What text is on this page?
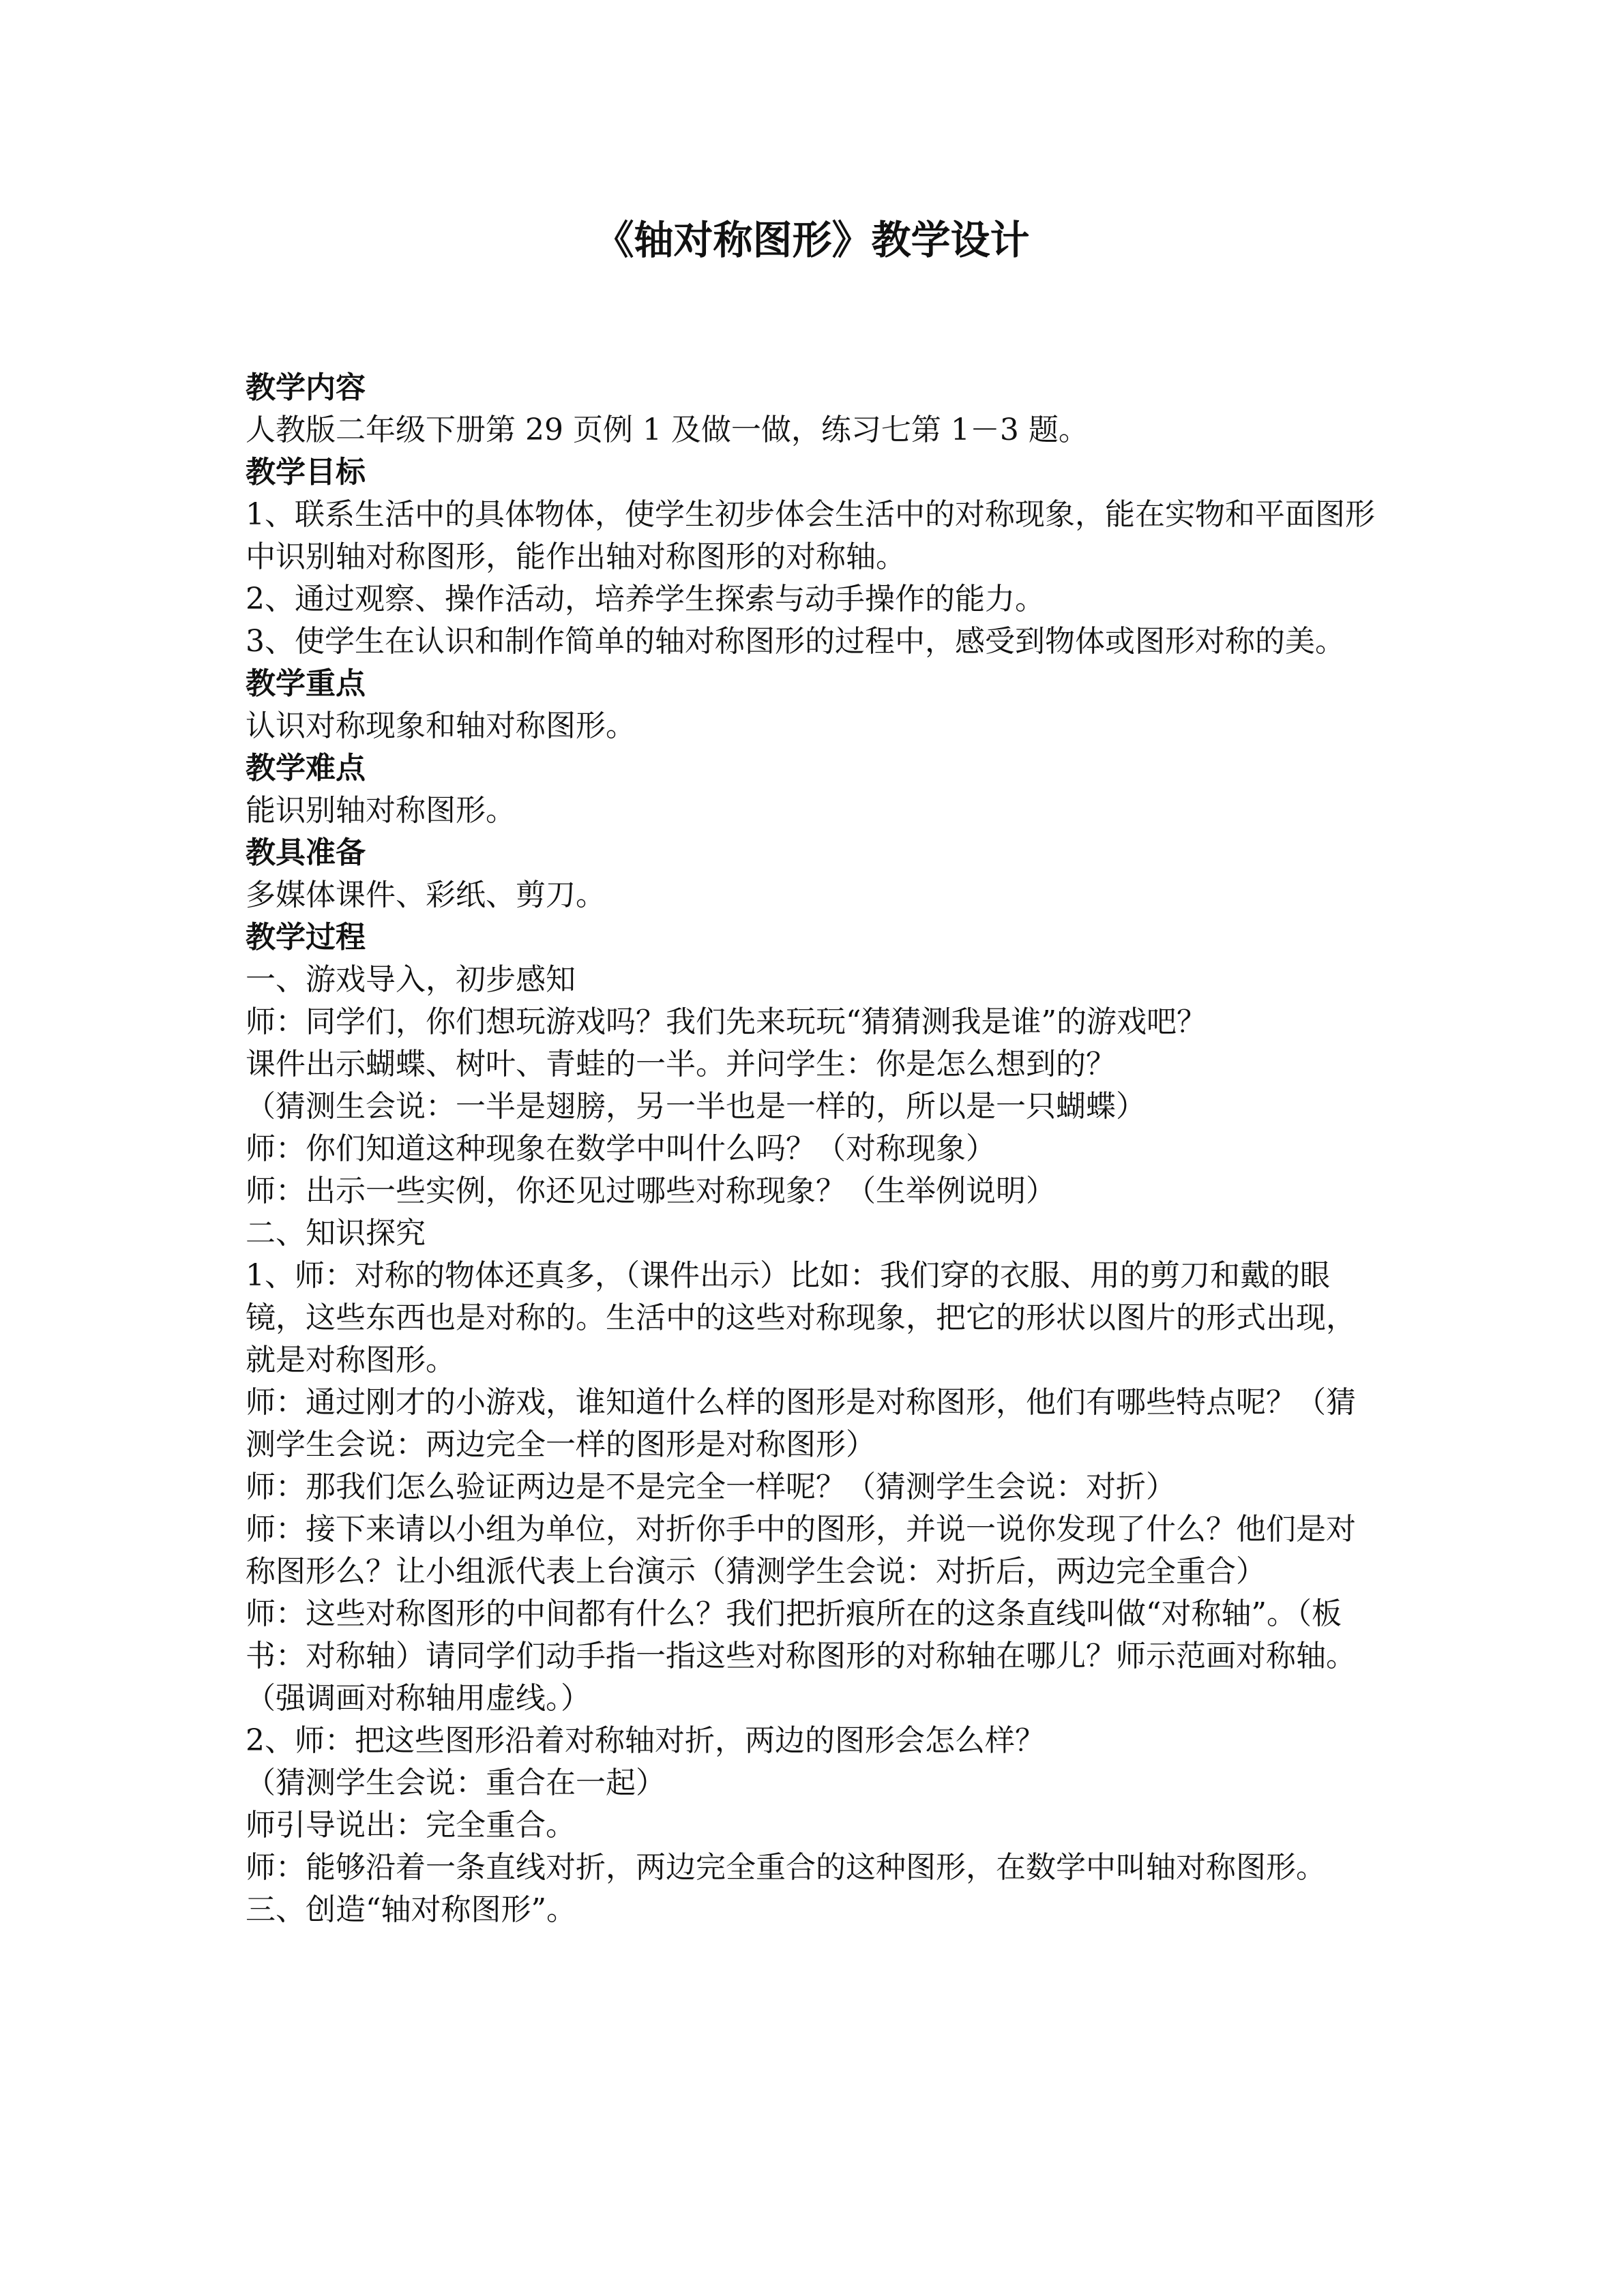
《轴对称图形》教学设计

教学内容

人教版二年级下册第 29 页例 1 及做一做，练习七第 1－3 题。

教学目标

1、联系生活中的具体物体，使学生初步体会生活中的对称现象，能在实物和平面图形中识别轴对称图形，能作出轴对称图形的对称轴。

2、通过观察、操作活动，培养学生探索与动手操作的能力。

3、使学生在认识和制作简单的轴对称图形的过程中，感受到物体或图形对称的美。

教学重点

认识对称现象和轴对称图形。

教学难点

能识别轴对称图形。

教具准备

多媒体课件、彩纸、剪刀。

教学过程

一、游戏导入，初步感知

师：同学们，你们想玩游戏吗？我们先来玩玩“猜猜测我是谁”的游戏吧？

课件出示蝴蝶、树叶、青蛙的一半。并问学生：你是怎么想到的？

（猜测生会说：一半是翅膀，另一半也是一样的，所以是一只蝴蝶）

师：你们知道这种现象在数学中叫什么吗？（对称现象）

师：出示一些实例，你还见过哪些对称现象？（生举例说明）

二、知识探究

1、师：对称的物体还真多，（课件出示）比如：我们穿的衣服、用的剪刀和戴的眼镜，这些东西也是对称的。生活中的这些对称现象，把它的形状以图片的形式出现，就是对称图形。

师：通过刚才的小游戏，谁知道什么样的图形是对称图形，他们有哪些特点呢？（猜测学生会说：两边完全一样的图形是对称图形）

师：那我们怎么验证两边是不是完全一样呢？（猜测学生会说：对折）

师：接下来请以小组为单位，对折你手中的图形，并说一说你发现了什么？他们是对称图形么？让小组派代表上台演示（猜测学生会说：对折后，两边完全重合）

师：这些对称图形的中间都有什么？我们把折痕所在的这条直线叫做“对称轴”。（板书：对称轴）请同学们动手指一指这些对称图形的对称轴在哪儿？师示范画对称轴。（强调画对称轴用虚线。）

2、师：把这些图形沿着对称轴对折，两边的图形会怎么样？

（猜测学生会说：重合在一起）

师引导说出：完全重合。

师：能够沿着一条直线对折，两边完全重合的这种图形，在数学中叫轴对称图形。

三、创造“轴对称图形”。
